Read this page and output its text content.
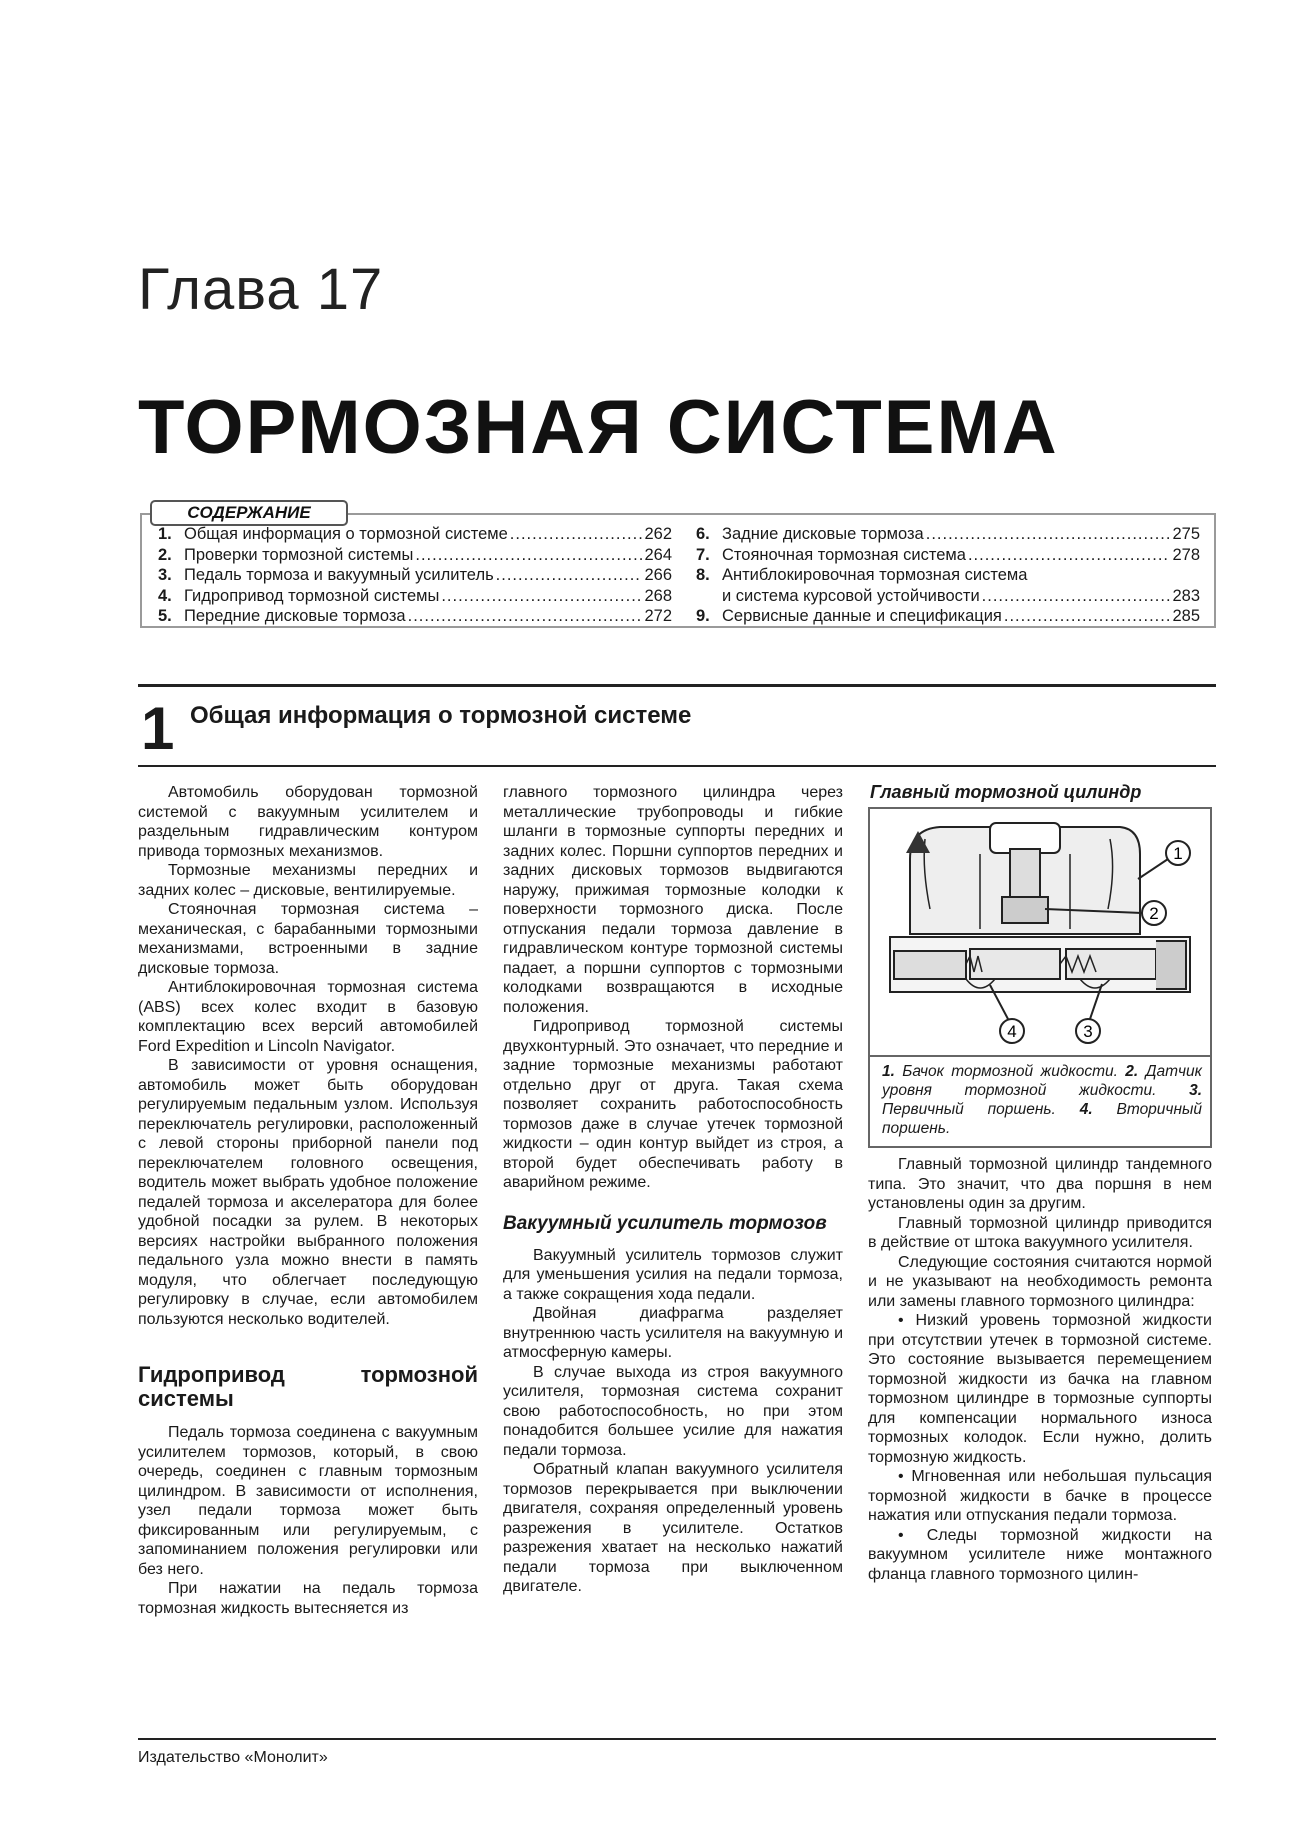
Глава 17
ТОРМОЗНАЯ СИСТЕМА
СОДЕРЖАНИЕ
1. Общая информация о тормозной системе .....	262
2. Проверки тормозной системы .....	264
3. Педаль тормоза и вакуумный усилитель .....	266
4. Гидропривод тормозной системы .....	268
5. Передние дисковые тормоза .....	272
6. Задние дисковые тормоза .....	275
7. Стояночная тормозная система .....	278
8. Антиблокировочная тормозная система
и система курсовой устойчивости .....	283
9. Сервисные данные и спецификация .....	285
1 Общая информация о тормозной системе

Автомобиль оборудован тормозной системой с вакуумным усилителем и раздельным гидравлическим контуром привода тормозных механизмов.

Тормозные механизмы передних и задних колес – дисковые, вентилируемые.

Стояночная тормозная система – механическая, с барабанными тормозными механизмами, встроенными в задние дисковые тормоза.

Антиблокировочная тормозная система (ABS) всех колес входит в базовую комплектацию всех версий автомобилей Ford Expedition и Lincoln Navigator.

В зависимости от уровня оснащения, автомобиль может быть оборудован регулируемым педальным узлом. Используя переключатель регулировки, расположенный с левой стороны приборной панели под переключателем головного освещения, водитель может выбрать удобное положение педалей тормоза и акселератора для более удобной посадки за рулем. В некоторых версиях настройки выбранного положения педального узла можно внести в память модуля, что облегчает последующую регулировку в случае, если автомобилем пользуются несколько водителей.

Гидропривод тормозной системы

Педаль тормоза соединена с вакуумным усилителем тормозов, который, в свою очередь, соединен с главным тормозным цилиндром. В зависимости от исполнения, узел педали тормоза может быть фиксированным или регулируемым, с запоминанием положения регулировки или без него.

При нажатии на педаль тормоза тормозная жидкость вытесняется из

главного тормозного цилиндра через металлические трубопроводы и гибкие шланги в тормозные суппорты передних и задних колес. Поршни суппортов передних и задних дисковых тормозов выдвигаются наружу, прижимая тормозные колодки к поверхности тормозного диска. После отпускания педали тормоза давление в гидравлическом контуре тормозной системы падает, а поршни суппортов с тормозными колодками возвращаются в исходные положения.

Гидропривод тормозной системы двухконтурный. Это означает, что передние и задние тормозные механизмы работают отдельно друг от друга. Такая схема позволяет сохранить работоспособность тормозов даже в случае утечек тормозной жидкости – один контур выйдет из строя, а второй будет обеспечивать работу в аварийном режиме.

Вакуумный усилитель тормозов

Вакуумный усилитель тормозов служит для уменьшения усилия на педали тормоза, а также сокращения хода педали.

Двойная диафрагма разделяет внутреннюю часть усилителя на вакуумную и атмосферную камеры.

В случае выхода из строя вакуумного усилителя, тормозная система сохранит свою работоспособность, но при этом понадобится большее усилие для нажатия педали тормоза.

Обратный клапан вакуумного усилителя тормозов перекрывается при выключении двигателя, сохраняя определенный уровень разрежения в усилителе. Остатков разрежения хватает на несколько нажатий педали тормоза при выключенном двигателе.

Главный тормозной цилиндр
1
2
3
4
1. Бачок тормозной жидкости. 2. Датчик уровня тормозной жидкости. 3. Первичный поршень. 4. Вторичный поршень.

Главный тормозной цилиндр тандемного типа. Это значит, что два поршня в нем установлены один за другим.

Главный тормозной цилиндр приводится в действие от штока вакуумного усилителя.

Следующие состояния считаются нормой и не указывают на необходимость ремонта или замены главного тормозного цилиндра:

• Низкий уровень тормозной жидкости при отсутствии утечек в тормозной системе. Это состояние вызывается перемещением тормозной жидкости из бачка на главном тормозном цилиндре в тормозные суппорты для компенсации нормального износа тормозных колодок. Если нужно, долить тормозную жидкость.

• Мгновенная или небольшая пульсация тормозной жидкости в бачке в процессе нажатия или отпускания педали тормоза.

• Следы тормозной жидкости на вакуумном усилителе ниже монтажного фланца главного тормозного цилин-

Издательство «Монолит»
